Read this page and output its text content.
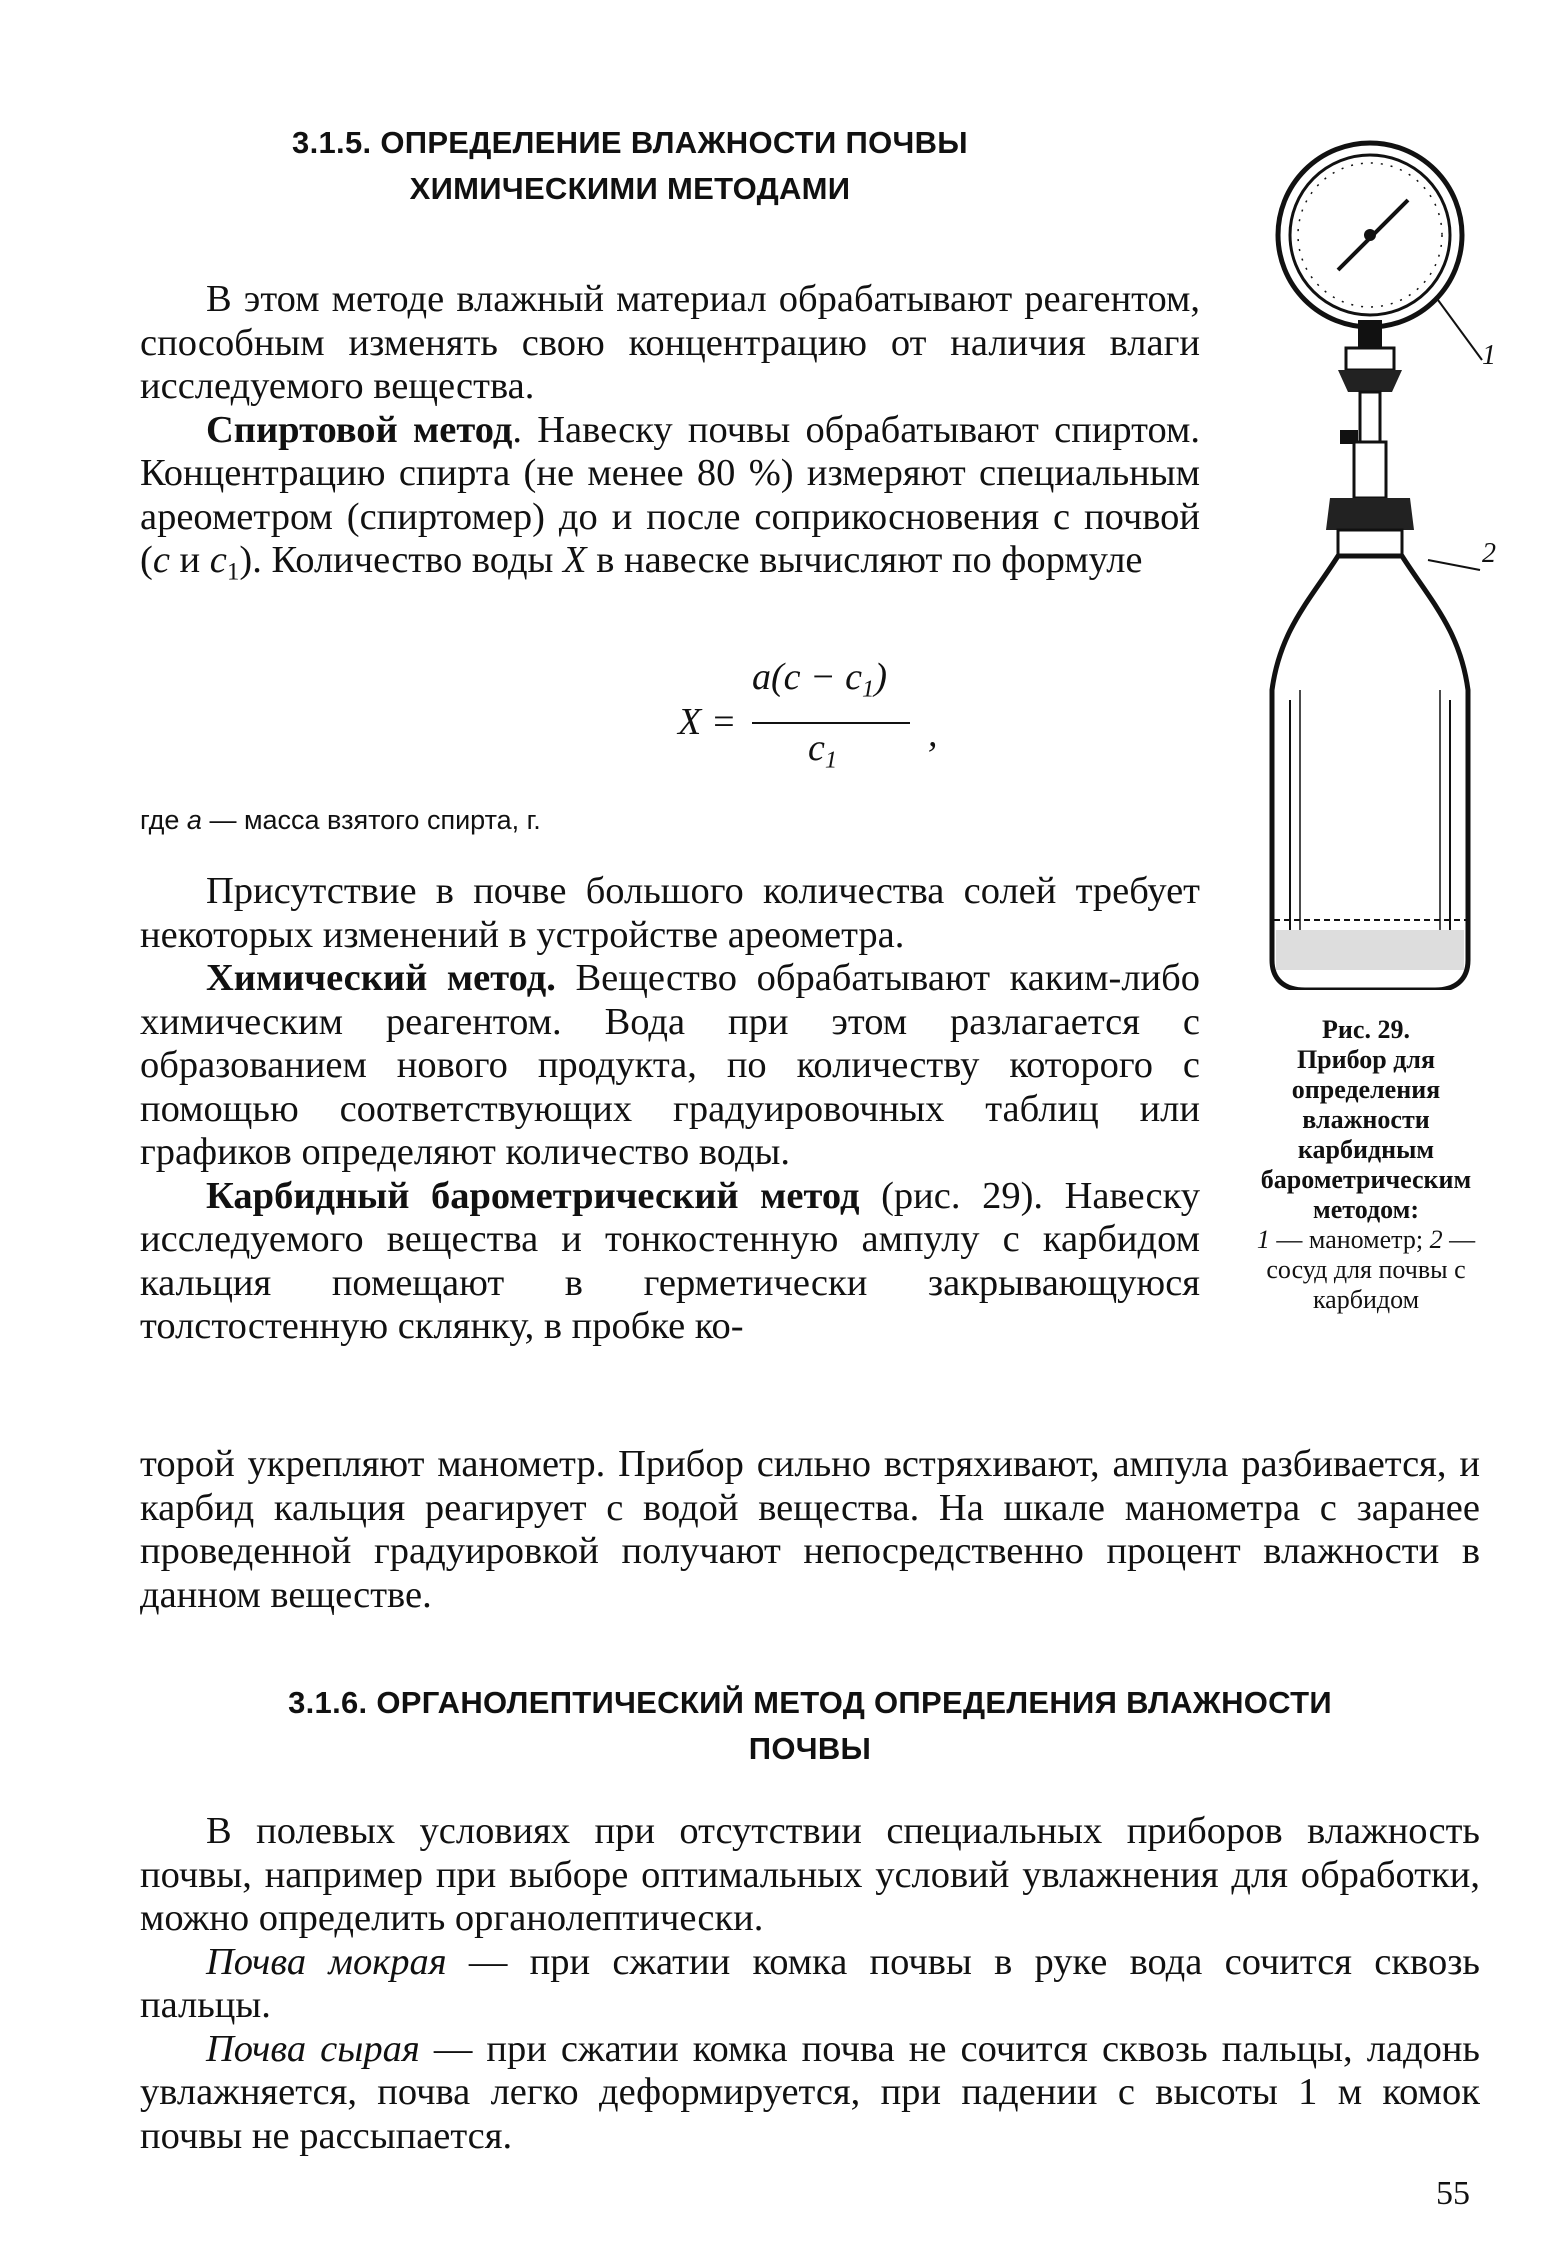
3.1.5. ОПРЕДЕЛЕНИЕ ВЛАЖНОСТИ ПОЧВЫ
ХИМИЧЕСКИМИ МЕТОДАМИ

В этом методе влажный материал обрабатывают реагентом, способным изменять свою концентрацию от наличия влаги исследуемого вещества.

Спиртовой метод. Навеску почвы обрабатывают спиртом. Концентрацию спирта (не менее 80 %) измеряют специальным ареометром (спиртомер) до и после соприкосновения с почвой (c и $c_1$). Количество воды X в навеске вычисляют по формуле

X =
$a(c - c_1)$
$c_1$
,
где a — масса взятого спирта, г.

Присутствие в почве большого количества солей требует некоторых изменений в устройстве ареометра.

Химический метод. Вещество обрабатывают каким-либо химическим реагентом. Вода при этом разлагается с образованием нового продукта, по количеству которого с помощью соответствующих градуировочных таблиц или графиков определяют количество воды.

Карбидный барометрический метод (рис. 29). Навеску исследуемого вещества и тонкостенную ампулу с карбидом кальция помещают в герметически закрывающуюся толстостенную склянку, в пробке ко-

торой укрепляют манометр. Прибор сильно встряхивают, ампула разбивается, и карбид кальция реагирует с водой вещества. На шкале манометра с заранее проведенной градуировкой получают непосредственно процент влажности в данном веществе.

1
2
Рис. 29.
Прибор для определения влажности карбидным барометрическим методом:
1 — манометр; 2 — сосуд для почвы с карбидом
3.1.6. ОРГАНОЛЕПТИЧЕСКИЙ МЕТОД ОПРЕДЕЛЕНИЯ ВЛАЖНОСТИ
ПОЧВЫ

В полевых условиях при отсутствии специальных приборов влажность почвы, например при выборе оптимальных условий увлажнения для обработки, можно определить органолептически.

Почва мокрая — при сжатии комка почвы в руке вода сочится сквозь пальцы.

Почва сырая — при сжатии комка почва не сочится сквозь пальцы, ладонь увлажняется, почва легко деформируется, при падении с высоты 1 м комок почвы не рассыпается.

55
